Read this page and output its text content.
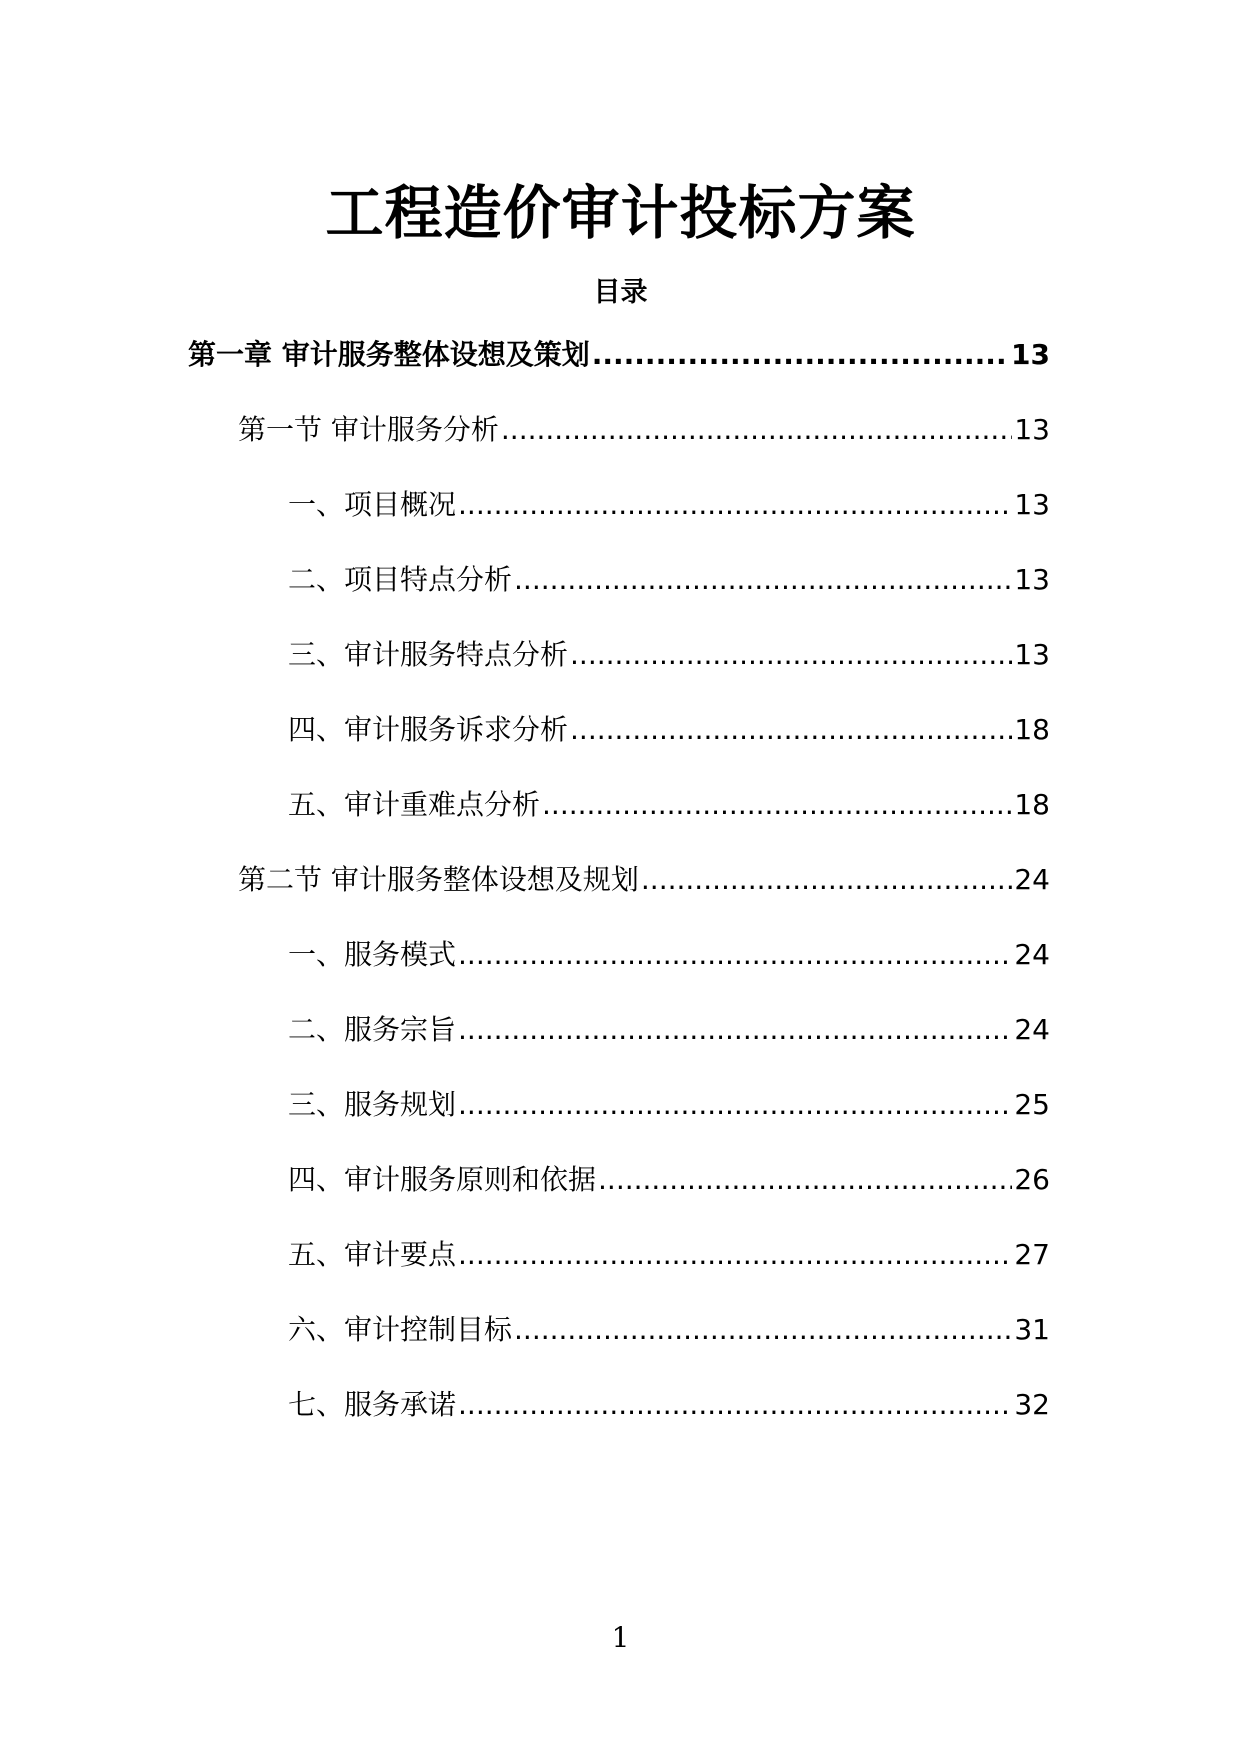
工程造价审计投标方案
目录
第一章 审计服务整体设想及策划 .....	13
第一节 审计服务分析 .....	13
一、项目概况 .....	13
二、项目特点分析 .....	13
三、审计服务特点分析 .....	13
四、审计服务诉求分析 .....	18
五、审计重难点分析 .....	18
第二节 审计服务整体设想及规划 .....	24
一、服务模式 .....	24
二、服务宗旨 .....	24
三、服务规划 .....	25
四、审计服务原则和依据 .....	26
五、审计要点 .....	27
六、审计控制目标 .....	31
七、服务承诺 .....	32
1
